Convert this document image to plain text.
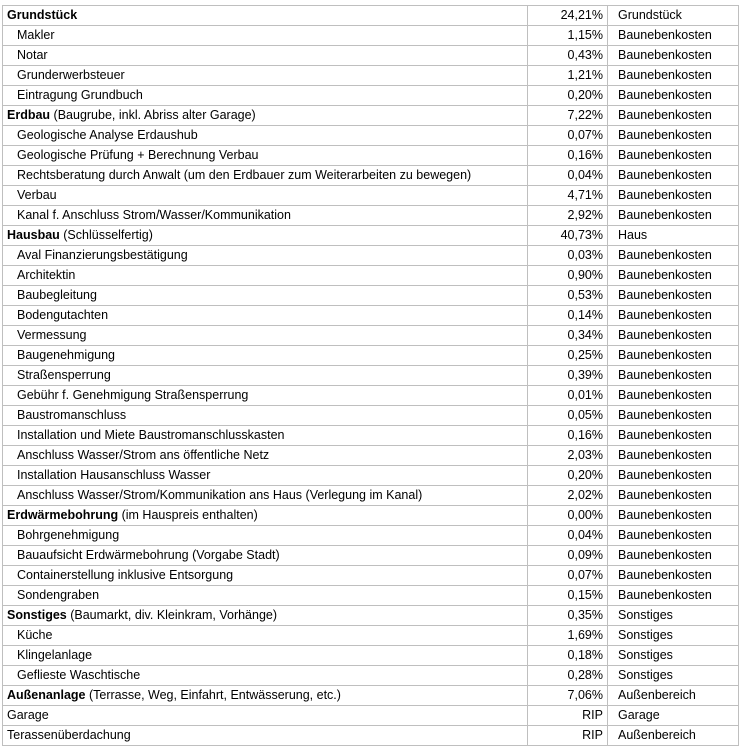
Grundstück	24,21%	Grundstück
Makler	1,15%	Baunebenkosten
Notar	0,43%	Baunebenkosten
Grunderwerbsteuer	1,21%	Baunebenkosten
Eintragung Grundbuch	0,20%	Baunebenkosten
Erdbau (Baugrube, inkl. Abriss alter Garage)	7,22%	Baunebenkosten
Geologische Analyse Erdaushub	0,07%	Baunebenkosten
Geologische Prüfung + Berechnung Verbau	0,16%	Baunebenkosten
Rechtsberatung durch Anwalt (um den Erdbauer zum Weiterarbeiten zu bewegen)	0,04%	Baunebenkosten
Verbau	4,71%	Baunebenkosten
Kanal f. Anschluss Strom/Wasser/Kommunikation	2,92%	Baunebenkosten
Hausbau (Schlüsselfertig)	40,73%	Haus
Aval Finanzierungsbestätigung	0,03%	Baunebenkosten
Architektin	0,90%	Baunebenkosten
Baubegleitung	0,53%	Baunebenkosten
Bodengutachten	0,14%	Baunebenkosten
Vermessung	0,34%	Baunebenkosten
Baugenehmigung	0,25%	Baunebenkosten
Straßensperrung	0,39%	Baunebenkosten
Gebühr f. Genehmigung Straßensperrung	0,01%	Baunebenkosten
Baustromanschluss	0,05%	Baunebenkosten
Installation und Miete Baustromanschlusskasten	0,16%	Baunebenkosten
Anschluss Wasser/Strom ans öffentliche Netz	2,03%	Baunebenkosten
Installation Hausanschluss Wasser	0,20%	Baunebenkosten
Anschluss Wasser/Strom/Kommunikation ans Haus (Verlegung im Kanal)	2,02%	Baunebenkosten
Erdwärmebohrung (im Hauspreis enthalten)	0,00%	Baunebenkosten
Bohrgenehmigung	0,04%	Baunebenkosten
Bauaufsicht Erdwärmebohrung (Vorgabe Stadt)	0,09%	Baunebenkosten
Containerstellung inklusive Entsorgung	0,07%	Baunebenkosten
Sondengraben	0,15%	Baunebenkosten
Sonstiges (Baumarkt, div. Kleinkram, Vorhänge)	0,35%	Sonstiges
Küche	1,69%	Sonstiges
Klingelanlage	0,18%	Sonstiges
Geflieste Waschtische	0,28%	Sonstiges
Außenanlage (Terrasse, Weg, Einfahrt, Entwässerung, etc.)	7,06%	Außenbereich
Garage	RIP	Garage
Terassenüberdachung	RIP	Außenbereich
